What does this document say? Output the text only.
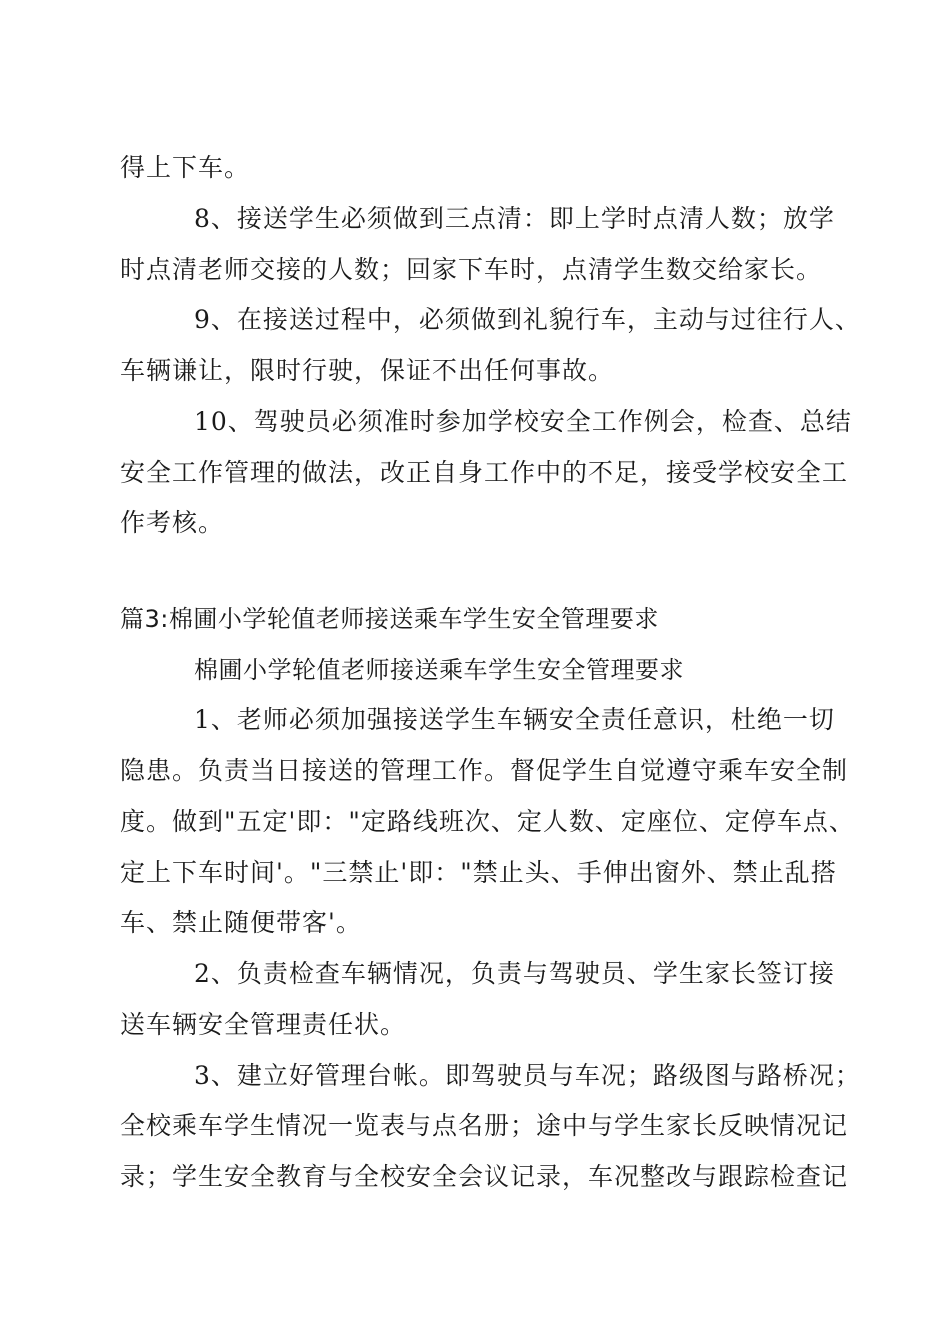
得上下车。
8、接送学生必须做到三点清：即上学时点清人数；放学
时点清老师交接的人数；回家下车时，点清学生数交给家长。
9、在接送过程中，必须做到礼貌行车，主动与过往行人、
车辆谦让，限时行驶，保证不出任何事故。
10、驾驶员必须准时参加学校安全工作例会，检查、总结
安全工作管理的做法，改正自身工作中的不足，接受学校安全工
作考核。
篇3:棉圃小学轮值老师接送乘车学生安全管理要求
棉圃小学轮值老师接送乘车学生安全管理要求
1、老师必须加强接送学生车辆安全责任意识，杜绝一切
隐患。负责当日接送的管理工作。督促学生自觉遵守乘车安全制
度。做到"五定'即："定路线班次、定人数、定座位、定停车点、
定上下车时间'。"三禁止'即："禁止头、手伸出窗外、禁止乱搭
车、禁止随便带客'。
2、负责检查车辆情况，负责与驾驶员、学生家长签订接
送车辆安全管理责任状。
3、建立好管理台帐。即驾驶员与车况；路级图与路桥况；
全校乘车学生情况一览表与点名册；途中与学生家长反映情况记
录；学生安全教育与全校安全会议记录，车况整改与跟踪检查记
